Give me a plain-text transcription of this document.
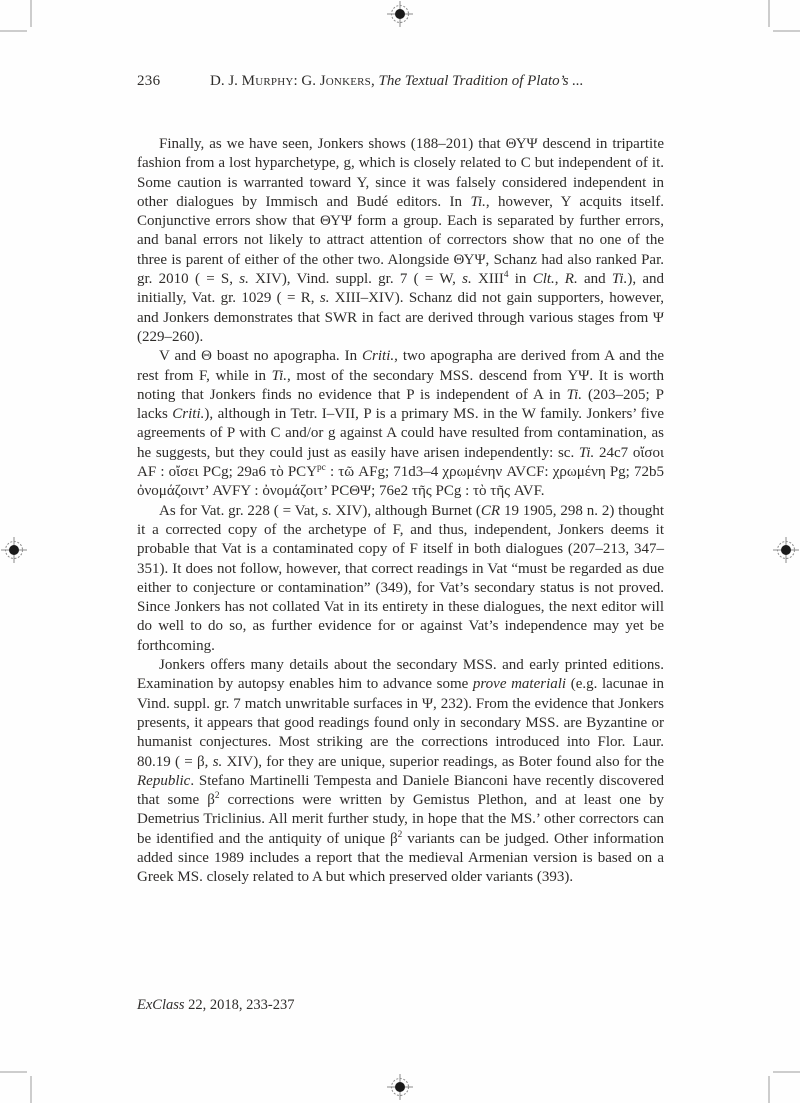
236	D. J. Murphy: G. Jonkers, The Textual Tradition of Plato’s ...

Finally, as we have seen, Jonkers shows (188–201) that ΘΥΨ descend in tripartite fashion from a lost hyparchetype, g, which is closely related to C but independent of it. Some caution is warranted toward Y, since it was falsely considered independent in other dialogues by Immisch and Budé editors. In Ti., however, Y acquits itself. Conjunctive errors show that ΘΥΨ form a group. Each is separated by further errors, and banal errors not likely to attract attention of correctors show that no one of the three is parent of either of the other two. Alongside ΘΥΨ, Schanz had also ranked Par. gr. 2010 ( = S, s. XIV), Vind. suppl. gr. 7 ( = W, s. XIII$^4$ in Clt., R. and Ti.), and initially, Vat. gr. 1029 ( = R, s. XIII–XIV). Schanz did not gain supporters, however, and Jonkers demonstrates that SWR in fact are derived through various stages from Ψ (229–260).

V and Θ boast no apographa. In Criti., two apographa are derived from A and the rest from F, while in Ti., most of the secondary MSS. descend from ΥΨ. It is worth noting that Jonkers finds no evidence that P is independent of A in Ti. (203–205; P lacks Criti.), although in Tetr. I–VII, P is a primary MS. in the W family. Jonkers’ five agreements of P with C and/or g against A could have resulted from contamination, as he suggests, but they could just as easily have arisen independently: sc. Ti. 24c7 οἴσοι AF : οἴσει PCg; 29a6 τὸ $PCY^{pc}$ : τῶ AFg; 71d3–4 χρωμένην AVCF: χρωμένη Pg; 72b5 ὀνομάζοιντ’ AVFY : ὀνομάζοιτ’ PCΘΨ; 76e2 τῆς PCg : τὸ τῆς AVF.

As for Vat. gr. 228 ( = Vat, s. XIV), although Burnet (CR 19 1905, 298 n. 2) thought it a corrected copy of the archetype of F, and thus, independent, Jonkers deems it probable that Vat is a contaminated copy of F itself in both dialogues (207–213, 347–351). It does not follow, however, that correct readings in Vat “must be regarded as due either to conjecture or contamination” (349), for Vat’s secondary status is not proved. Since Jonkers has not collated Vat in its entirety in these dialogues, the next editor will do well to do so, as further evidence for or against Vat’s independence may yet be forthcoming.

Jonkers offers many details about the secondary MSS. and early printed editions. Examination by autopsy enables him to advance some prove materiali (e.g. lacunae in Vind. suppl. gr. 7 match unwritable surfaces in Ψ, 232). From the evidence that Jonkers presents, it appears that good readings found only in secondary MSS. are Byzantine or humanist conjectures. Most striking are the corrections introduced into Flor. Laur. 80.19 ( = β, s. XIV), for they are unique, superior readings, as Boter found also for the Republic. Stefano Martinelli Tempesta and Daniele Bianconi have recently discovered that some $\beta^2$ corrections were written by Gemistus Plethon, and at least one by Demetrius Triclinius. All merit further study, in hope that the MS.’ other correctors can be identified and the antiquity of unique $\beta^2$ variants can be judged. Other information added since 1989 includes a report that the medieval Armenian version is based on a Greek MS. closely related to A but which preserved older variants (393).

ExClass 22, 2018, 233-237
